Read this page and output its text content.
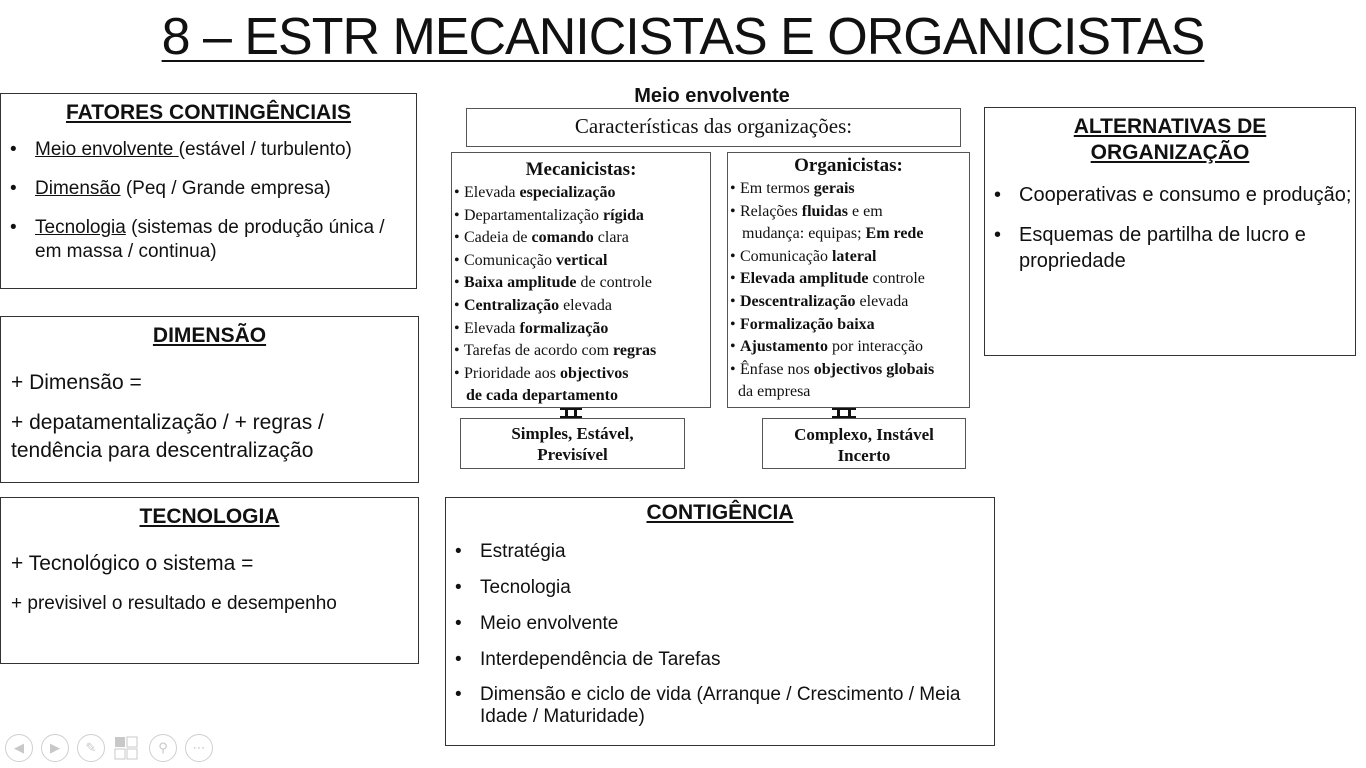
8 – ESTR MECANICISTAS E ORGANICISTAS
FATORES CONTINGÊNCIAIS
• Meio envolvente (estável / turbulento)
• Dimensão (Peq / Grande empresa)
• Tecnologia (sistemas de produção única / em massa / continua)
DIMENSÃO

+ Dimensão =

+ depatamentalização / + regras / tendência para descentralização

TECNOLOGIA

+ Tecnológico o sistema =

+ previsivel o resultado e desempenho

Meio envolvente
Características das organizações:
Mecanicistas:
• Elevada especialização
• Departamentalização rígida
• Cadeia de comando clara
• Comunicação vertical
• Baixa amplitude de controle
• Centralização elevada
• Elevada formalização
• Tarefas de acordo com regras
• Prioridade aos objectivos
de cada departamento
Organicistas:
• Em termos gerais
• Relações fluidas e em
mudança: equipas; Em rede
• Comunicação lateral
• Elevada amplitude controle
• Descentralização elevada
• Formalização baixa
• Ajustamento por interacção
• Ênfase nos objectivos globais
da empresa
Simples, Estável,
Previsível
Complexo, Instável
Incerto
ALTERNATIVAS DE
ORGANIZAÇÃO
• Cooperativas e consumo e produção;
• Esquemas de partilha de lucro e propriedade
CONTIGÊNCIA
• Estratégia
• Tecnologia
• Meio envolvente
• Interdependência de Tarefas
• Dimensão e ciclo de vida (Arranque / Crescimento / Meia Idade / Maturidade)
◀	▶	✎	⚲	⋯
